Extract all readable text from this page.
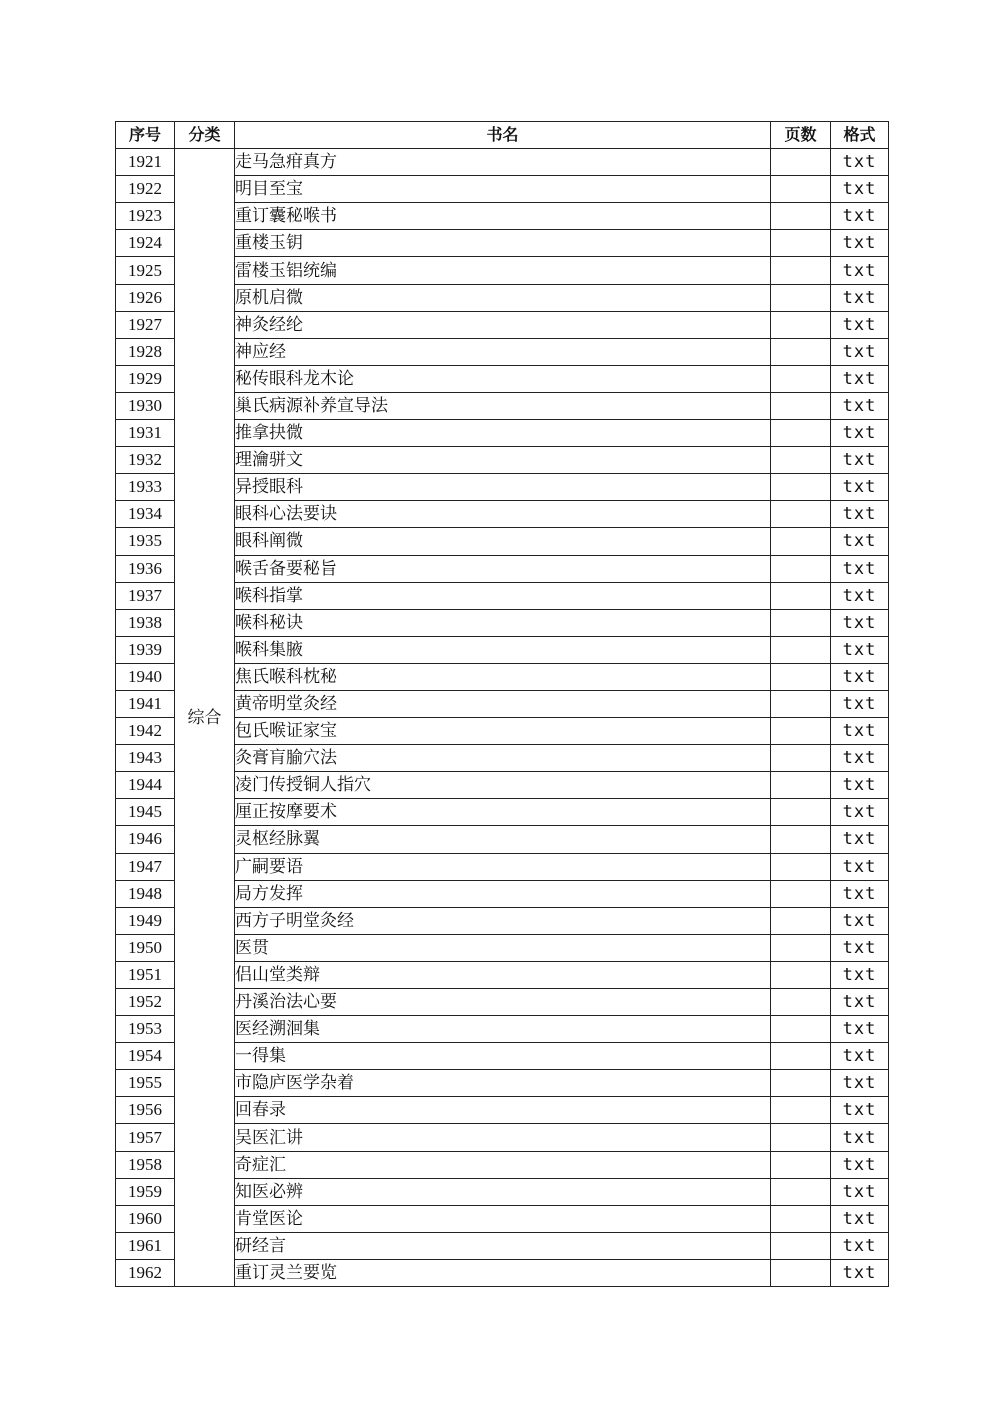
序号	分类	书名	页数	格式
1921	综合	走马急疳真方		txt
1922		明目至宝		txt
1923		重订囊秘喉书		txt
1924		重楼玉钥		txt
1925		雷楼玉铝统编		txt
1926		原机启微		txt
1927		神灸经纶		txt
1928		神应经		txt
1929		秘传眼科龙木论		txt
1930		巢氏病源补养宣导法		txt
1931		推拿抉微		txt
1932		理瀹骈文		txt
1933		异授眼科		txt
1934		眼科心法要诀		txt
1935		眼科阐微		txt
1936		喉舌备要秘旨		txt
1937		喉科指掌		txt
1938		喉科秘诀		txt
1939		喉科集腋		txt
1940		焦氏喉科枕秘		txt
1941		黄帝明堂灸经		txt
1942		包氏喉证家宝		txt
1943		灸膏肓腧穴法		txt
1944		凌门传授铜人指穴		txt
1945		厘正按摩要术		txt
1946		灵枢经脉翼		txt
1947		广嗣要语		txt
1948		局方发挥		txt
1949		西方子明堂灸经		txt
1950		医贯		txt
1951		侣山堂类辩		txt
1952		丹溪治法心要		txt
1953		医经溯洄集		txt
1954		一得集		txt
1955		市隐庐医学杂着		txt
1956		回春录		txt
1957		吴医汇讲		txt
1958		奇症汇		txt
1959		知医必辨		txt
1960		肯堂医论		txt
1961		研经言		txt
1962		重订灵兰要览		txt
